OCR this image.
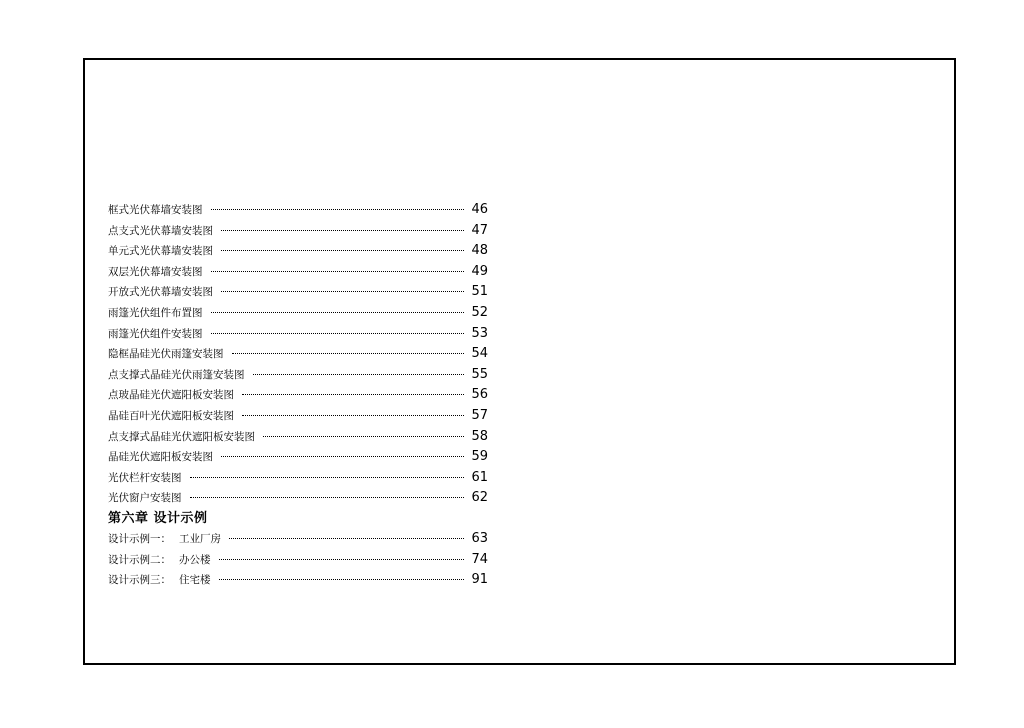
框式光伏幕墙安装图	46
点支式光伏幕墙安装图	47
单元式光伏幕墙安装图	48
双层光伏幕墙安装图	49
开放式光伏幕墙安装图	51
雨篷光伏组件布置图	52
雨篷光伏组件安装图	53
隐框晶硅光伏雨篷安装图	54
点支撑式晶硅光伏雨篷安装图	55
点玻晶硅光伏遮阳板安装图	56
晶硅百叶光伏遮阳板安装图	57
点支撑式晶硅光伏遮阳板安装图	58
晶硅光伏遮阳板安装图	59
光伏栏杆安装图	61
光伏窗户安装图	62
第六章 设计示例
设计示例一： 工业厂房	63
设计示例二： 办公楼	74
设计示例三： 住宅楼	91
